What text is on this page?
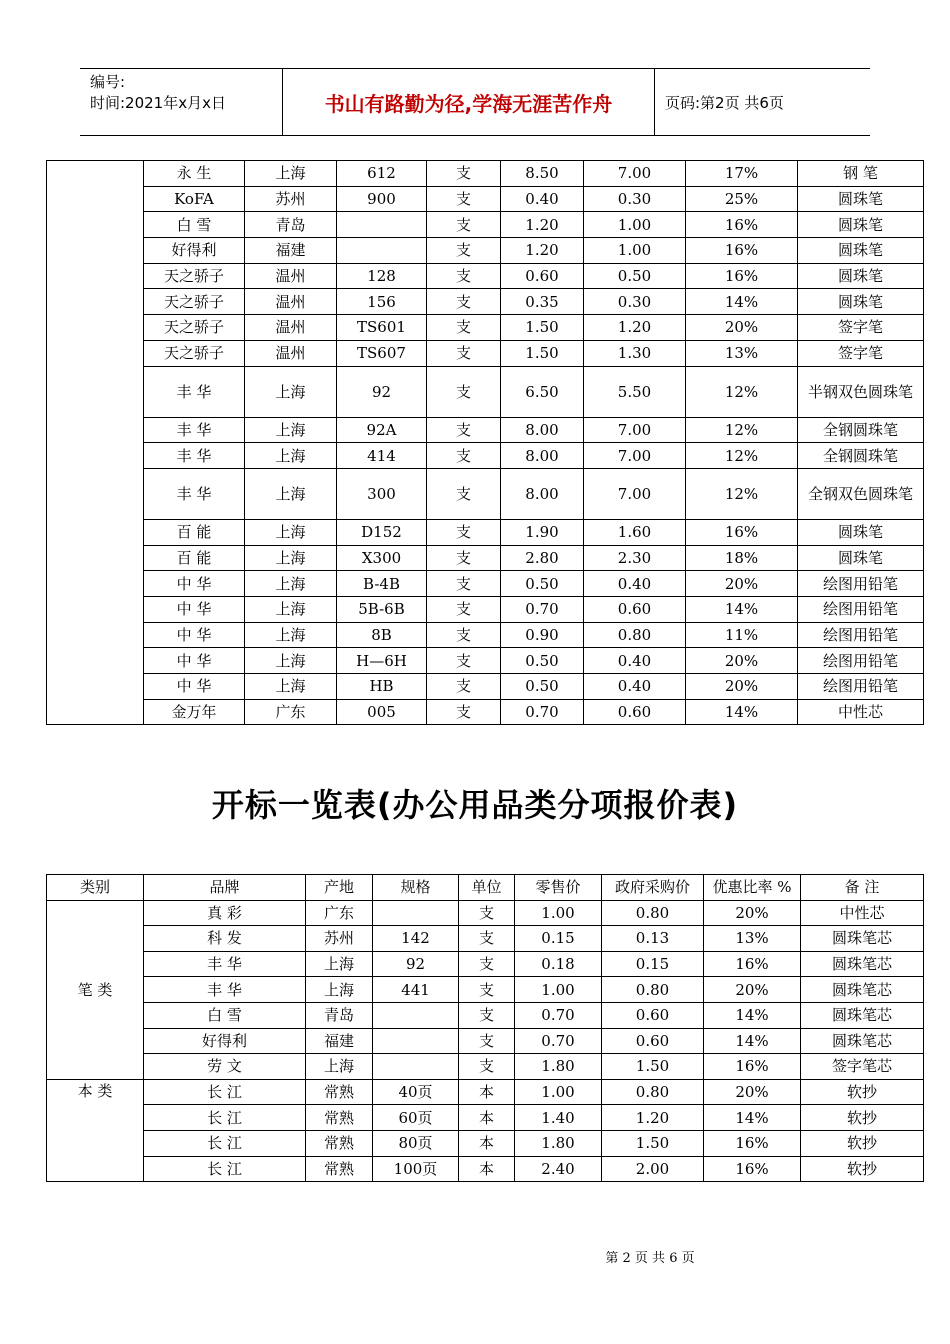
编号:
时间:2021年x月x日	书山有路勤为径,学海无涯苦作舟	页码:第2页 共6页
	永 生	上海	612	支	8.50	7.00	17%	钢 笔
	KoFA	苏州	900	支	0.40	0.30	25%	圆珠笔
	白 雪	青岛		支	1.20	1.00	16%	圆珠笔
	好得利	福建		支	1.20	1.00	16%	圆珠笔
	天之骄子	温州	128	支	0.60	0.50	16%	圆珠笔
	天之骄子	温州	156	支	0.35	0.30	14%	圆珠笔
	天之骄子	温州	TS601	支	1.50	1.20	20%	签字笔
	天之骄子	温州	TS607	支	1.50	1.30	13%	签字笔
	丰 华	上海	92	支	6.50	5.50	12%	半钢双色圆珠笔
	丰 华	上海	92A	支	8.00	7.00	12%	全钢圆珠笔
	丰 华	上海	414	支	8.00	7.00	12%	全钢圆珠笔
	丰 华	上海	300	支	8.00	7.00	12%	全钢双色圆珠笔
	百 能	上海	D152	支	1.90	1.60	16%	圆珠笔
	百 能	上海	X300	支	2.80	2.30	18%	圆珠笔
	中 华	上海	B-4B	支	0.50	0.40	20%	绘图用铅笔
	中 华	上海	5B-6B	支	0.70	0.60	14%	绘图用铅笔
	中 华	上海	8B	支	0.90	0.80	11%	绘图用铅笔
	中 华	上海	H—6H	支	0.50	0.40	20%	绘图用铅笔
	中 华	上海	HB	支	0.50	0.40	20%	绘图用铅笔
	金万年	广东	005	支	0.70	0.60	14%	中性芯
开标一览表(办公用品类分项报价表)
类别	品牌	产地	规格	单位	零售价	政府采购价	优惠比率 %	备 注
笔 类	真 彩	广东		支	1.00	0.80	20%	中性芯
	科 发	苏州	142	支	0.15	0.13	13%	圆珠笔芯
	丰 华	上海	92	支	0.18	0.15	16%	圆珠笔芯
	丰 华	上海	441	支	1.00	0.80	20%	圆珠笔芯
	白 雪	青岛		支	0.70	0.60	14%	圆珠笔芯
	好得利	福建		支	0.70	0.60	14%	圆珠笔芯
	劳 文	上海		支	1.80	1.50	16%	签字笔芯
本 类	长 江	常熟	40页	本	1.00	0.80	20%	软抄
	长 江	常熟	60页	本	1.40	1.20	14%	软抄
	长 江	常熟	80页	本	1.80	1.50	16%	软抄
	长 江	常熟	100页	本	2.40	2.00	16%	软抄
第 2 页 共 6 页
